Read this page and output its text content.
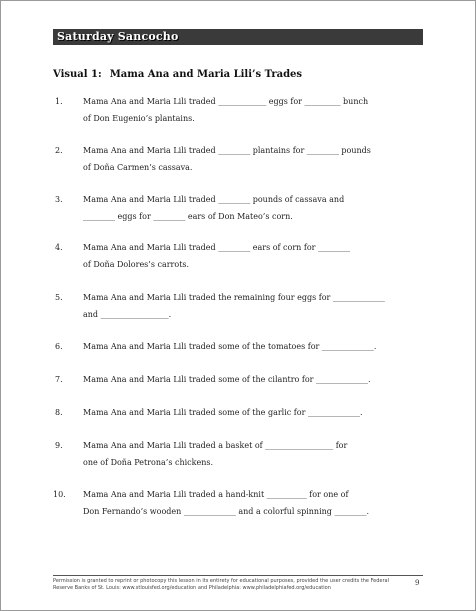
Saturday Sancocho
Visual 1: Mama Ana and Maria Lili’s Trades
1.	Mama Ana and Maria Lili traded ____________ eggs for _________ bunch
of Don Eugenio’s plantains.
2.	Mama Ana and Maria Lili traded ________ plantains for ________ pounds
of Doña Carmen’s cassava.
3.	Mama Ana and Maria Lili traded ________ pounds of cassava and
________ eggs for ________ ears of Don Mateo’s corn.
4.	Mama Ana and Maria Lili traded ________ ears of corn for ________
of Doña Dolores’s carrots.
5.	Mama Ana and Maria Lili traded the remaining four eggs for _____________
and _________________.
6.	Mama Ana and Maria Lili traded some of the tomatoes for _____________.
7.	Mama Ana and Maria Lili traded some of the cilantro for _____________.
8.	Mama Ana and Maria Lili traded some of the garlic for _____________.
9.	Mama Ana and Maria Lili traded a basket of _________________ for
one of Doña Petrona’s chickens.
10. Mama Ana and Maria Lili traded a hand-knit __________ for one of
Don Fernando’s wooden _____________ and a colorful spinning ________.
Permission is granted to reprint or photocopy this lesson in its entirety for educational purposes, provided the user credits the Federal Reserve Banks of St. Louis: www.stlouisfed.org/education and Philadelphia: www.philadelphiafed.org/education
9
